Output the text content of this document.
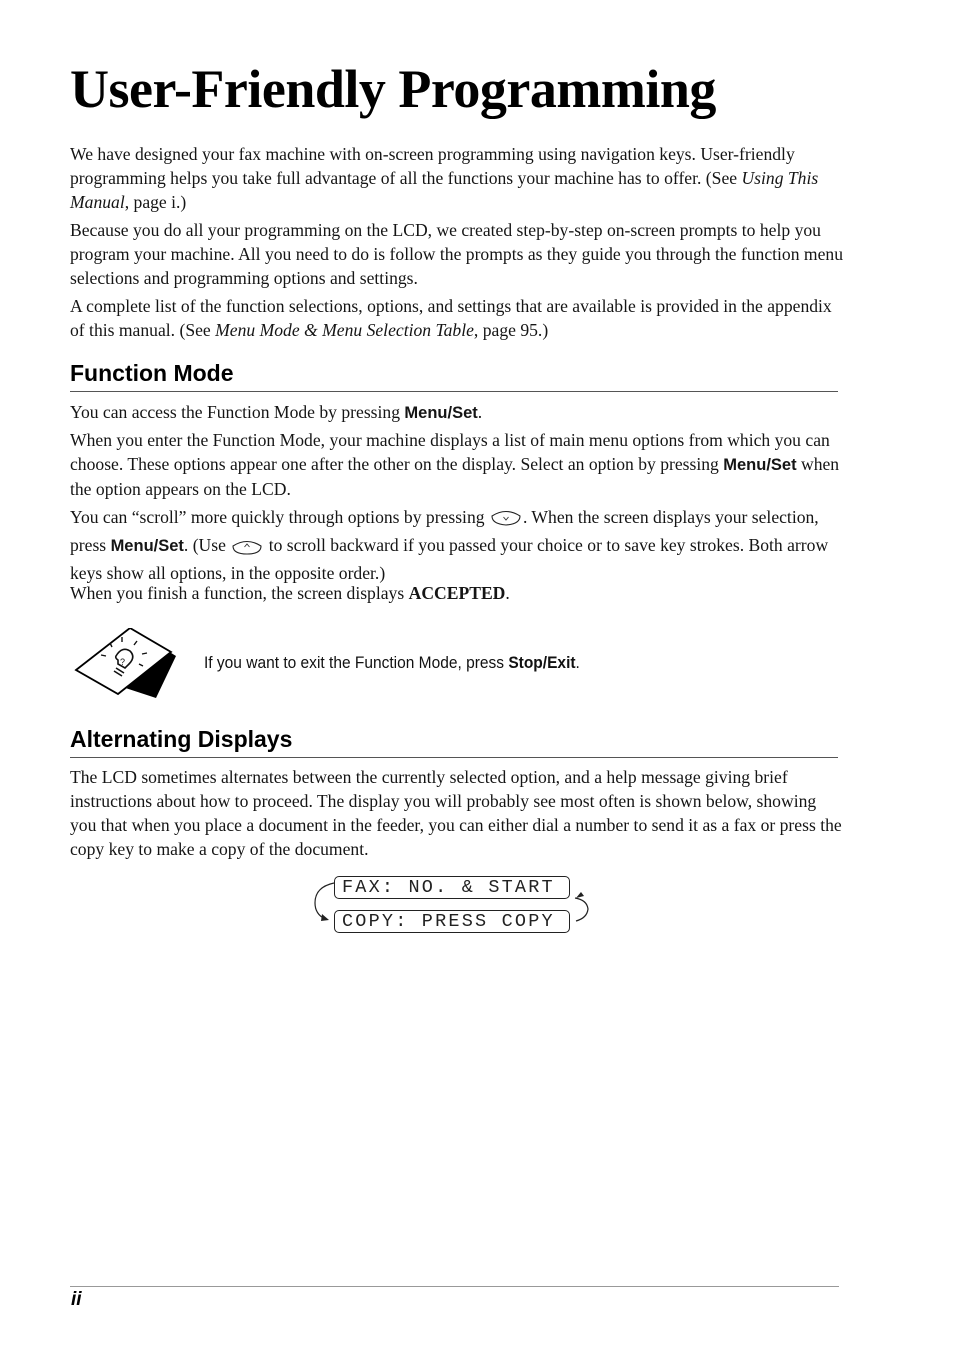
User-Friendly Programming

We have designed your fax machine with on-screen programming using navigation keys. User-friendly programming helps you take full advantage of all the functions your machine has to offer. (See Using This Manual, page i.)

Because you do all your programming on the LCD, we created step-by-step on-screen prompts to help you program your machine. All you need to do is follow the prompts as they guide you through the function menu selections and programming options and settings.

A complete list of the function selections, options, and settings that are available is provided in the appendix of this manual. (See Menu Mode & Menu Selection Table, page 95.)

Function Mode

You can access the Function Mode by pressing Menu/Set.

When you enter the Function Mode, your machine displays a list of main menu options from which you can choose. These options appear one after the other on the display. Select an option by pressing Menu/Set when the option appears on the LCD.

You can “scroll” more quickly through options by pressing . When the screen displays your selection, press Menu/Set. (Use  to scroll backward if you passed your choice or to save key strokes. Both arrow keys show all options, in the opposite order.)

When you finish a function, the screen displays ACCEPTED.

?	If you want to exit the Function Mode, press Stop/Exit.

Alternating Displays

The LCD sometimes alternates between the currently selected option, and a help message giving brief instructions about how to proceed. The display you will probably see most often is shown below, showing you that when you place a document in the feeder, you can either dial a number to send it as a fax or press the copy key to make a copy of the document.

FAX: NO. & START
COPY: PRESS COPY
ii
